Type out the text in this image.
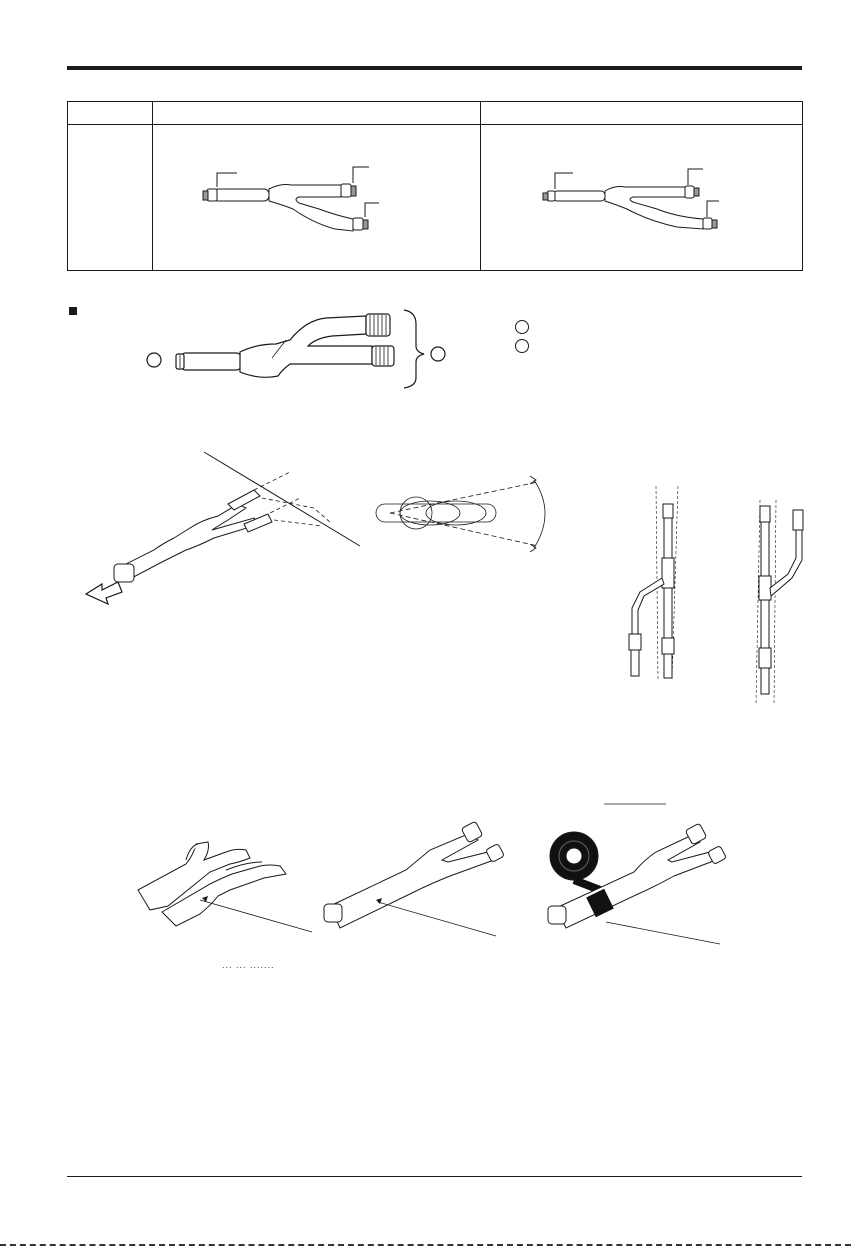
... ... .......
